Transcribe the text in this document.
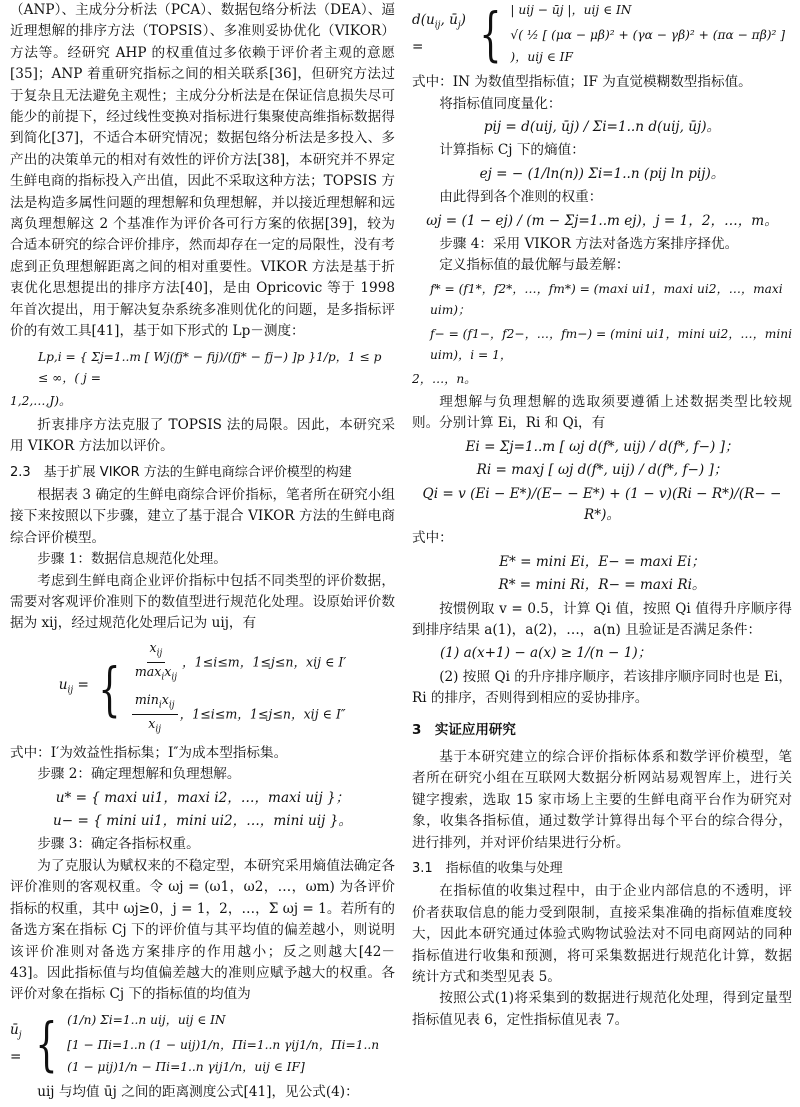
（ANP）、主成分分析法（PCA）、数据包络分析法（DEA）、逼近理想解的排序方法（TOPSIS）、多准则妥协优化（VIKOR）方法等。经研究 AHP 的权重值过多依赖于评价者主观的意愿[35]；ANP 着重研究指标之间的相关联系[36]，但研究方法过于复杂且无法避免主观性；主成分分析法是在保证信息损失尽可能少的前提下，经过线性变换对指标进行集聚使高维指标数据得到简化[37]，不适合本研究情况；数据包络分析法是多投入、多产出的决策单元的相对有效性的评价方法[38]，本研究并不界定生鲜电商的指标投入产出值，因此不采取这种方法；TOPSIS 方法是构造多属性问题的理想解和负理想解，并以接近理想解和远离负理想解这 2 个基准作为评价各可行方案的依据[39]，较为合适本研究的综合评价排序，然而却存在一定的局限性，没有考虑到正负理想解距离之间的相对重要性。VIKOR 方法是基于折衷优化思想提出的排序方法[40]，是由 Opricovic 等于 1998 年首次提出，用于解决复杂系统多准则优化的问题，是多指标评价的有效工具[41]，基于如下形式的 Lp－测度：

Lp,i = { Σj=1..m [ Wj(fj* − fij)/(fj* − fj−) ]p }1/p，1 ≤ p ≤ ∞，( j =
1,2,…,J)。

折衷排序方法克服了 TOPSIS 法的局限。因此，本研究采用 VIKOR 方法加以评价。

2.3　基于扩展 VIKOR 方法的生鲜电商综合评价模型的构建

根据表 3 确定的生鲜电商综合评价指标，笔者所在研究小组接下来按照以下步骤，建立了基于混合 VIKOR 方法的生鲜电商综合评价模型。

步骤 1：数据信息规范化处理。

考虑到生鲜电商企业评价指标中包括不同类型的评价数据，需要对客观评价准则下的数值型进行规范化处理。设原始评价数据为 xij，经过规范化处理后记为 uij，有

$u_{ij}$ = { $\frac{x_{ij}}{\max_ix_{ij}}$ ，1≤i≤m，1≤j≤n，xij ∈ I′
$\frac{\min_ix_{ij}}{x_{ij}}$ ，1≤i≤m，1≤j≤n，xij ∈ I″

式中：I′为效益性指标集；I″为成本型指标集。

步骤 2：确定理想解和负理想解。

u* = { maxi ui1，maxi i2，…，maxi uij }；
u− = { mini ui1，mini ui2，…，mini uij }。

步骤 3：确定各指标权重。

为了克服认为赋权来的不稳定型，本研究采用熵值法确定各评价准则的客观权重。令 ωj = (ω1，ω2，…，ωm) 为各评价指标的权重，其中 ωj≥0，j = 1，2，…，Σ ωj = 1。若所有的备选方案在指标 Cj 下的评价值与其平均值的偏差越小，则说明该评价准则对备选方案排序的作用越小；反之则越大[42－43]。因此指标值与均值偏差越大的准则应赋予越大的权重。各评价对象在指标 Cj 下的指标值的均值为

$ū_j$ = { (1/n) Σi=1..n uij，uij ∈ IN
[1 − Πi=1..n (1 − uij)1/n，Πi=1..n γij1/n，Πi=1..n (1 − μij)1/n − Πi=1..n γij1/n，uij ∈ IF]

uij 与均值 ūj 之间的距离测度公式[41]，见公式(4)：

$d(u_{ij}$, $ū_j$) = { | uij − ūj |，uij ∈ IN
√( ½ [ (μα − μβ)² + (γα − γβ)² + (πα − πβ)² ] )，uij ∈ IF

式中：IN 为数值型指标值；IF 为直觉模糊数型指标值。

将指标值同度量化：

pij = d(uij, ūj) / Σi=1..n d(uij, ūj)。

计算指标 Cj 下的熵值：

ej = − (1/ln(n)) Σi=1..n (pij ln pij)。

由此得到各个准则的权重：

ωj = (1 − ej) / (m − Σj=1..m ej)，j = 1，2，…，m。

步骤 4：采用 VIKOR 方法对备选方案排序择优。

定义指标值的最优解与最差解：

f* = (f1*，f2*，…，fm*) = (maxi ui1，maxi ui2，…，maxi uim)；
f− = (f1−，f2−，…，fm−) = (mini ui1，mini ui2，…，mini uim)，i = 1，
2，…，n。

理想解与负理想解的选取须要遵循上述数据类型比较规则。分别计算 Ei，Ri 和 Qi，有

Ei = Σj=1..m [ ωj d(f*, uij) / d(f*, f−) ]；
Ri = maxj [ ωj d(f*, uij) / d(f*, f−) ]；
Qi = v (Ei − E*)/(E− − E*) + (1 − v)(Ri − R*)/(R− − R*)。

式中：

E* = mini Ei，E− = maxi Ei；
R* = mini Ri，R− = maxi Ri。

按惯例取 v = 0.5，计算 Qi 值，按照 Qi 值得升序顺序得到排序结果 a(1)，a(2)，…，a(n) 且验证是否满足条件：

(1) a(x+1) − a(x) ≥ 1/(n − 1)；

(2) 按照 Qi 的升序排序顺序，若该排序顺序同时也是 Ei，Ri 的排序，否则得到相应的妥协排序。

3　实证应用研究

基于本研究建立的综合评价指标体系和数学评价模型，笔者所在研究小组在互联网大数据分析网站易观智库上，进行关键字搜索，选取 15 家市场上主要的生鲜电商平台作为研究对象，收集各指标值，通过数学计算得出每个平台的综合得分，进行排列，并对评价结果进行分析。

3.1　指标值的收集与处理

在指标值的收集过程中，由于企业内部信息的不透明，评价者获取信息的能力受到限制，直接采集准确的指标值难度较大，因此本研究通过体验式购物试验法对不同电商网站的同种指标值进行收集和预测，将可采集数据进行规范化计算，数据统计方式和类型见表 5。

按照公式(1)将采集到的数据进行规范化处理，得到定量型指标值见表 6，定性指标值见表 7。
